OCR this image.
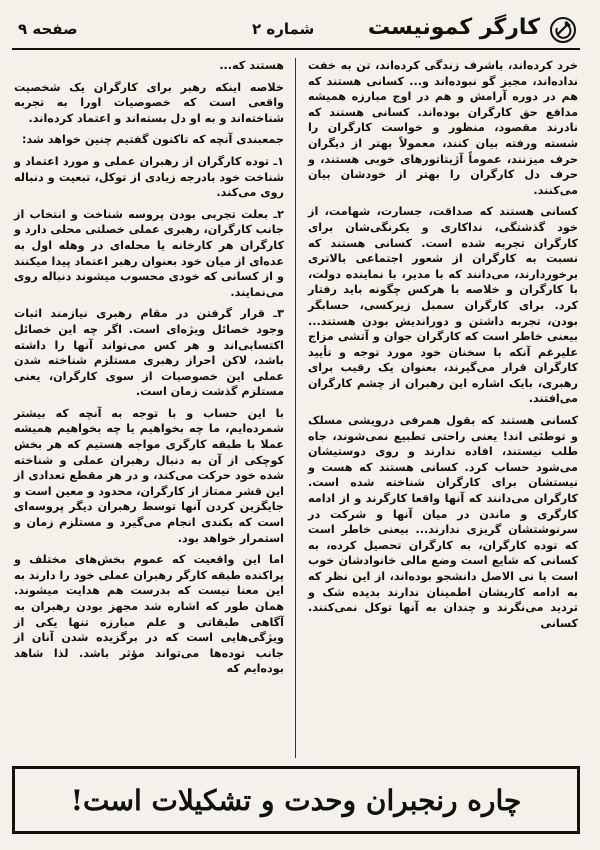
صفحه ۹	شماره ۲ کارگر کمونیست

خرد کرده‌اند، باشرف زندگی کرده‌اند، تن به خفت نداده‌اند، مجیز گو نبوده‌اند و... کسانی هستند که هم در دوره آرامش و هم در اوج مبارزه همیشه مدافع حق کارگران بوده‌اند. کسانی هستند که نادرند مقصود، منظور و خواست کارگران را شسته ورفته بیان کنند، معمولاً بهتر از دیگران حرف میزنند، عموماً آژیتاتورهای خوبی هستند، و حرف دل کارگران را بهتر از خودشان بیان می‌کنند.

کسانی هستند که صداقت، جسارت، شهامت، از خود گذشتگی، نداکاری و یکرنگی‌شان برای کارگران تجربه شده است. کسانی هستند که نسبت به کارگران از شعور اجتماعی بالاتری برخوردارند، می‌دانند که با مدیر، با نماینده دولت، با کارگران و خلاصه با هرکس چگونه باید رفتار کرد. برای کارگران سمبل زیرکسی، حسابگر بودن، تجربه داشتن و دوراندیش بودن هستند... بیعنی خاطر است که کارگران جوان و آتشی مزاج علیرغم آنکه با سخنان خود مورد توجه و تأیید کارگران قرار می‌گیرند، بعنوان یک رقیب برای رهبری، بایک اشاره این رهبران از چشم کارگران می‌افتند.

کسانی هستند که بقول همرفی درویشی مسلک و توطئی اند! یعنی راحتی تطبیع نمی‌شوند، جاه طلب نیستند، افاده ندارند و روی دوستیشان می‌شود حساب کرد. کسانی هستند که هست و نیستشان برای کارگران شناخته شده است. کارگران می‌دانند که آنها واقعا کارگرند و از ادامه کارگری و ماندن در میان آنها و شرکت در سرنوشتشان گریزی ندارند... بیعنی خاطر است که توده کارگران، به کارگران تحصیل کرده، به کسانی که شایع است وضع مالی خانوادشان خوب است یا نی الاصل دانشجو بوده‌اند، از این نظر که به ادامه کاریشان اطمینان ندارند بدیده شک و تردید می‌نگرند و چندان به آنها توکل نمی‌کنند. کسانی

هستند که...

خلاصه اینکه رهبر برای کارگران یک شخصیت واقعی است که خصوصیات اورا به تجربه شناخته‌اند و به او دل بسته‌اند و اعتماد کرده‌اند.

جمعبندی آنچه که تاکنون گفتیم چنین خواهد شد:

۱ـ توده کارگران از رهبران عملی و مورد اعتماد و شناخت خود بادرجه زیادی از توکل، تبعیت و دنباله روی می‌کند.

۲ـ بعلت تجربی بودن پروسه شناخت و انتخاب از جانب کارگران، رهبری عملی خصلتی محلی دارد و کارگران هر کارخانه یا محله‌ای در وهله اول به عده‌ای از میان خود بعنوان رهبر اعتماد پیدا میکنند و از کسانی که خودی محسوب میشوند دنباله روی می‌نمایند.

۳ـ قرار گرفتن در مقام رهبری نیازمند اثبات وجود خصائل ویژه‌ای است. اگر چه این خصائل اکتسابی‌اند و هر کس می‌تواند آنها را داشته باشد، لاکن احراز رهبری مستلزم شناخته شدن عملی این خصوصیات از سوی کارگران، یعنی مستلزم گذشت زمان است.

با این حساب و با توجه به آنچه که بیشتر شمرده‌ایم، ما چه بخواهیم یا چه بخواهیم همیشه عملا با طبقه کارگری مواجه هستیم که هر بخش کوچکی از آن به دنبال رهبران عملی و شناخته شده خود حرکت می‌کند، و در هر مقطع تعدادی از این قشر ممتاز از کارگران، محدود و معین است و جایگزین کردن آنها توسط رهبران دیگر پروسه‌ای است که بکندی انجام می‌گیرد و مستلزم زمان و استمرار خواهد بود.

اما این واقعیت که عموم بخش‌های مختلف و پراکنده طبقه کارگر رهبران عملی خود را دارند به این معنا نیست که بدرست هم هدایت میشوند. همان طور که اشاره شد مجهز بودن رهبران به آگاهی طبقاتی و علم مبارزه تنها یکی از ویژگی‌هایی است که در برگزیده شدن آنان از جانب توده‌ها می‌تواند مؤثر باشد. لذا شاهد بوده‌ایم که

چاره رنجبران وحدت و تشکیلات است!
